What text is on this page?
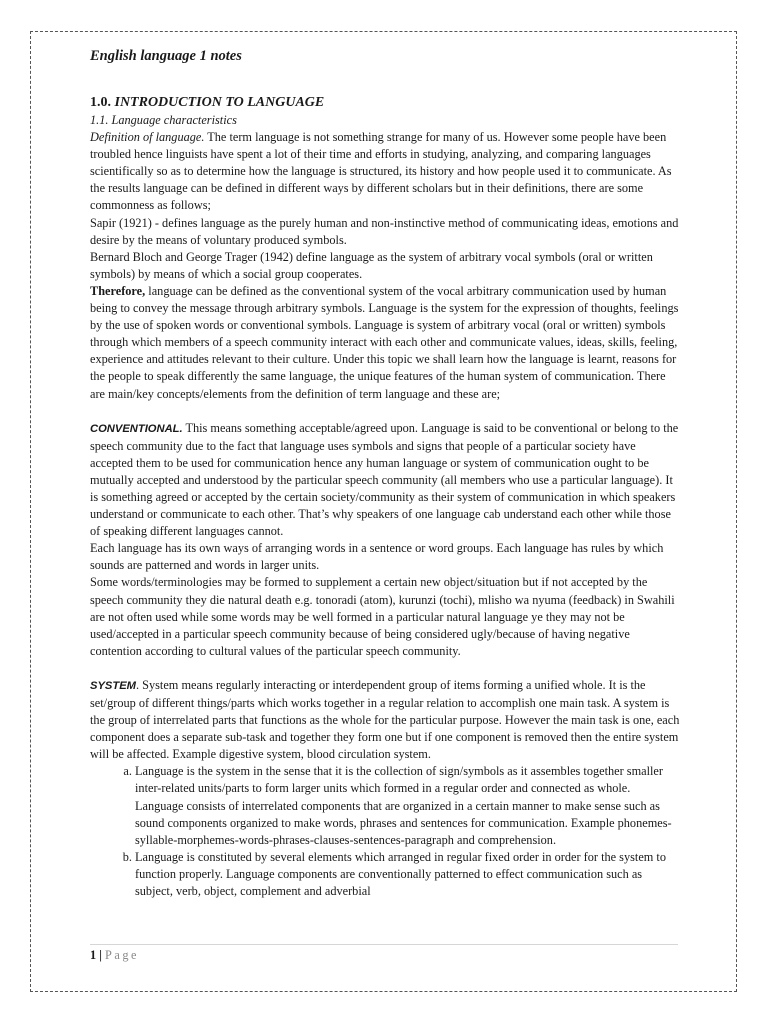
English language 1 notes

1.0. INTRODUCTION TO LANGUAGE

1.1. Language characteristics

Definition of language. The term language is not something strange for many of us. However some people have been troubled hence linguists have spent a lot of their time and efforts in studying, analyzing, and comparing languages scientifically so as to determine how the language is structured, its history and how people used it to communicate. As the results language can be defined in different ways by different scholars but in their definitions, there are some commonness as follows;

Sapir (1921) - defines language as the purely human and non-instinctive method of communicating ideas, emotions and desire by the means of voluntary produced symbols.

Bernard Bloch and George Trager (1942) define language as the system of arbitrary vocal symbols (oral or written symbols) by means of which a social group cooperates.

Therefore, language can be defined as the conventional system of the vocal arbitrary communication used by human being to convey the message through arbitrary symbols. Language is the system for the expression of thoughts, feelings by the use of spoken words or conventional symbols. Language is system of arbitrary vocal (oral or written) symbols through which members of a speech community interact with each other and communicate values, ideas, skills, feeling, experience and attitudes relevant to their culture. Under this topic we shall learn how the language is learnt, reasons for the people to speak differently the same language, the unique features of the human system of communication. There are main/key concepts/elements from the definition of term language and these are;

CONVENTIONAL. This means something acceptable/agreed upon. Language is said to be conventional or belong to the speech community due to the fact that language uses symbols and signs that people of a particular society have accepted them to be used for communication hence any human language or system of communication ought to be mutually accepted and understood by the particular speech community (all members who use a particular language). It is something agreed or accepted by the certain society/community as their system of communication in which speakers understand or communicate to each other. That’s why speakers of one language cab understand each other while those of speaking different languages cannot.

Each language has its own ways of arranging words in a sentence or word groups. Each language has rules by which sounds are patterned and words in larger units.

Some words/terminologies may be formed to supplement a certain new object/situation but if not accepted by the speech community they die natural death e.g. tonoradi (atom), kurunzi (tochi), mlisho wa nyuma (feedback) in Swahili are not often used while some words may be well formed in a particular natural language ye they may not be used/accepted in a particular speech community because of being considered ugly/because of having negative contention according to cultural values of the particular speech community.

SYSTEM. System means regularly interacting or interdependent group of items forming a unified whole. It is the set/group of different things/parts which works together in a regular relation to accomplish one main task. A system is the group of interrelated parts that functions as the whole for the particular purpose. However the main task is one, each component does a separate sub-task and together they form one but if one component is removed then the entire system will be affected. Example digestive system, blood circulation system.

a. Language is the system in the sense that it is the collection of sign/symbols as it assembles together smaller inter-related units/parts to form larger units which formed in a regular order and connected as whole. Language consists of interrelated components that are organized in a certain manner to make sense such as sound components organized to make words, phrases and sentences for communication. Example phonemes-syllable-morphemes-words-phrases-clauses-sentences-paragraph and comprehension.
b. Language is constituted by several elements which arranged in regular fixed order in order for the system to function properly. Language components are conventionally patterned to effect communication such as subject, verb, object, complement and adverbial
1 | Page
